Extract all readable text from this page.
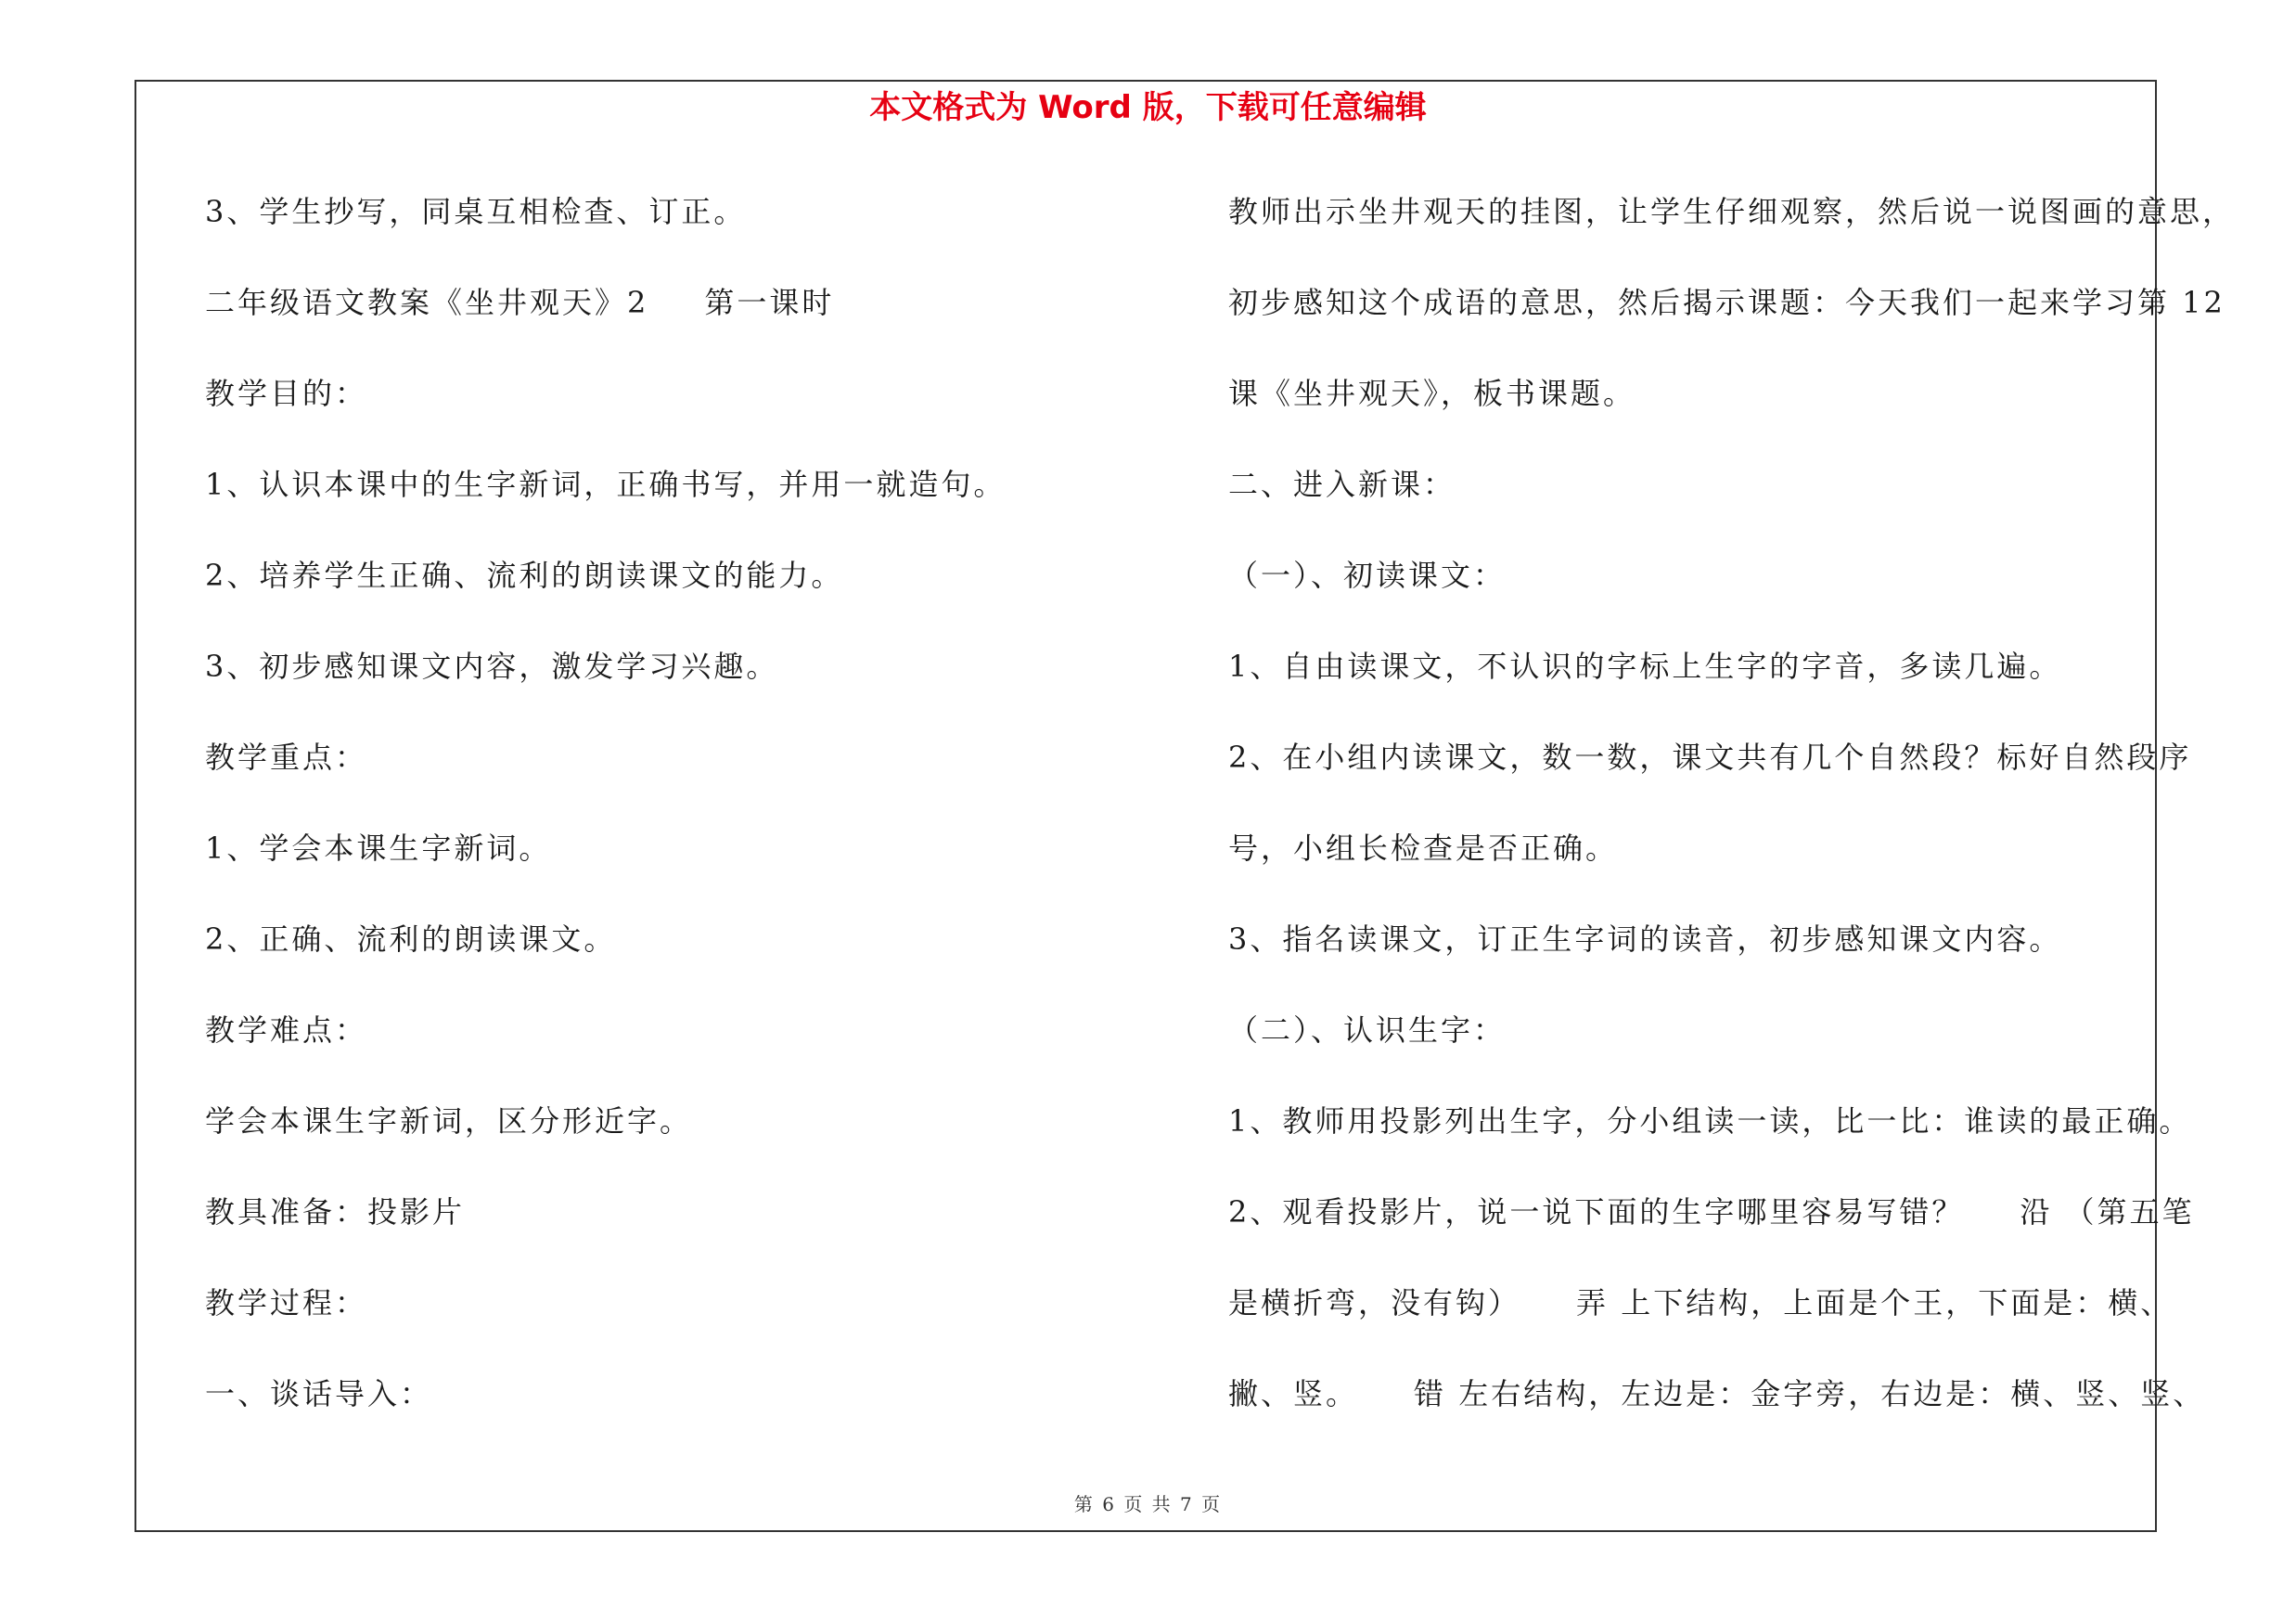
本文格式为 Word 版，下载可任意编辑
3、学生抄写，同桌互相检查、订正。
二年级语文教案《坐井观天》2 第一课时
教学目的：
1、认识本课中的生字新词，正确书写，并用一就造句。
2、培养学生正确、流利的朗读课文的能力。
3、初步感知课文内容，激发学习兴趣。
教学重点：
1、学会本课生字新词。
2、正确、流利的朗读课文。
教学难点：
学会本课生字新词，区分形近字。
教具准备：投影片
教学过程：
一、谈话导入：
教师出示坐井观天的挂图，让学生仔细观察，然后说一说图画的意思，
初步感知这个成语的意思，然后揭示课题：今天我们一起来学习第 12
课《坐井观天》，板书课题。
二、进入新课：
（一）、初读课文：
1、自由读课文，不认识的字标上生字的字音，多读几遍。
2、在小组内读课文，数一数，课文共有几个自然段？标好自然段序
号，小组长检查是否正确。
3、指名读课文，订正生字词的读音，初步感知课文内容。
（二）、认识生字：
1、教师用投影列出生字，分小组读一读，比一比：谁读的最正确。
2、观看投影片，说一说下面的生字哪里容易写错？ 沿 （第五笔
是横折弯，没有钩） 弄 上下结构，上面是个王，下面是：横、
撇、竖。 错 左右结构，左边是：金字旁，右边是：横、竖、竖、
第 6 页 共 7 页
